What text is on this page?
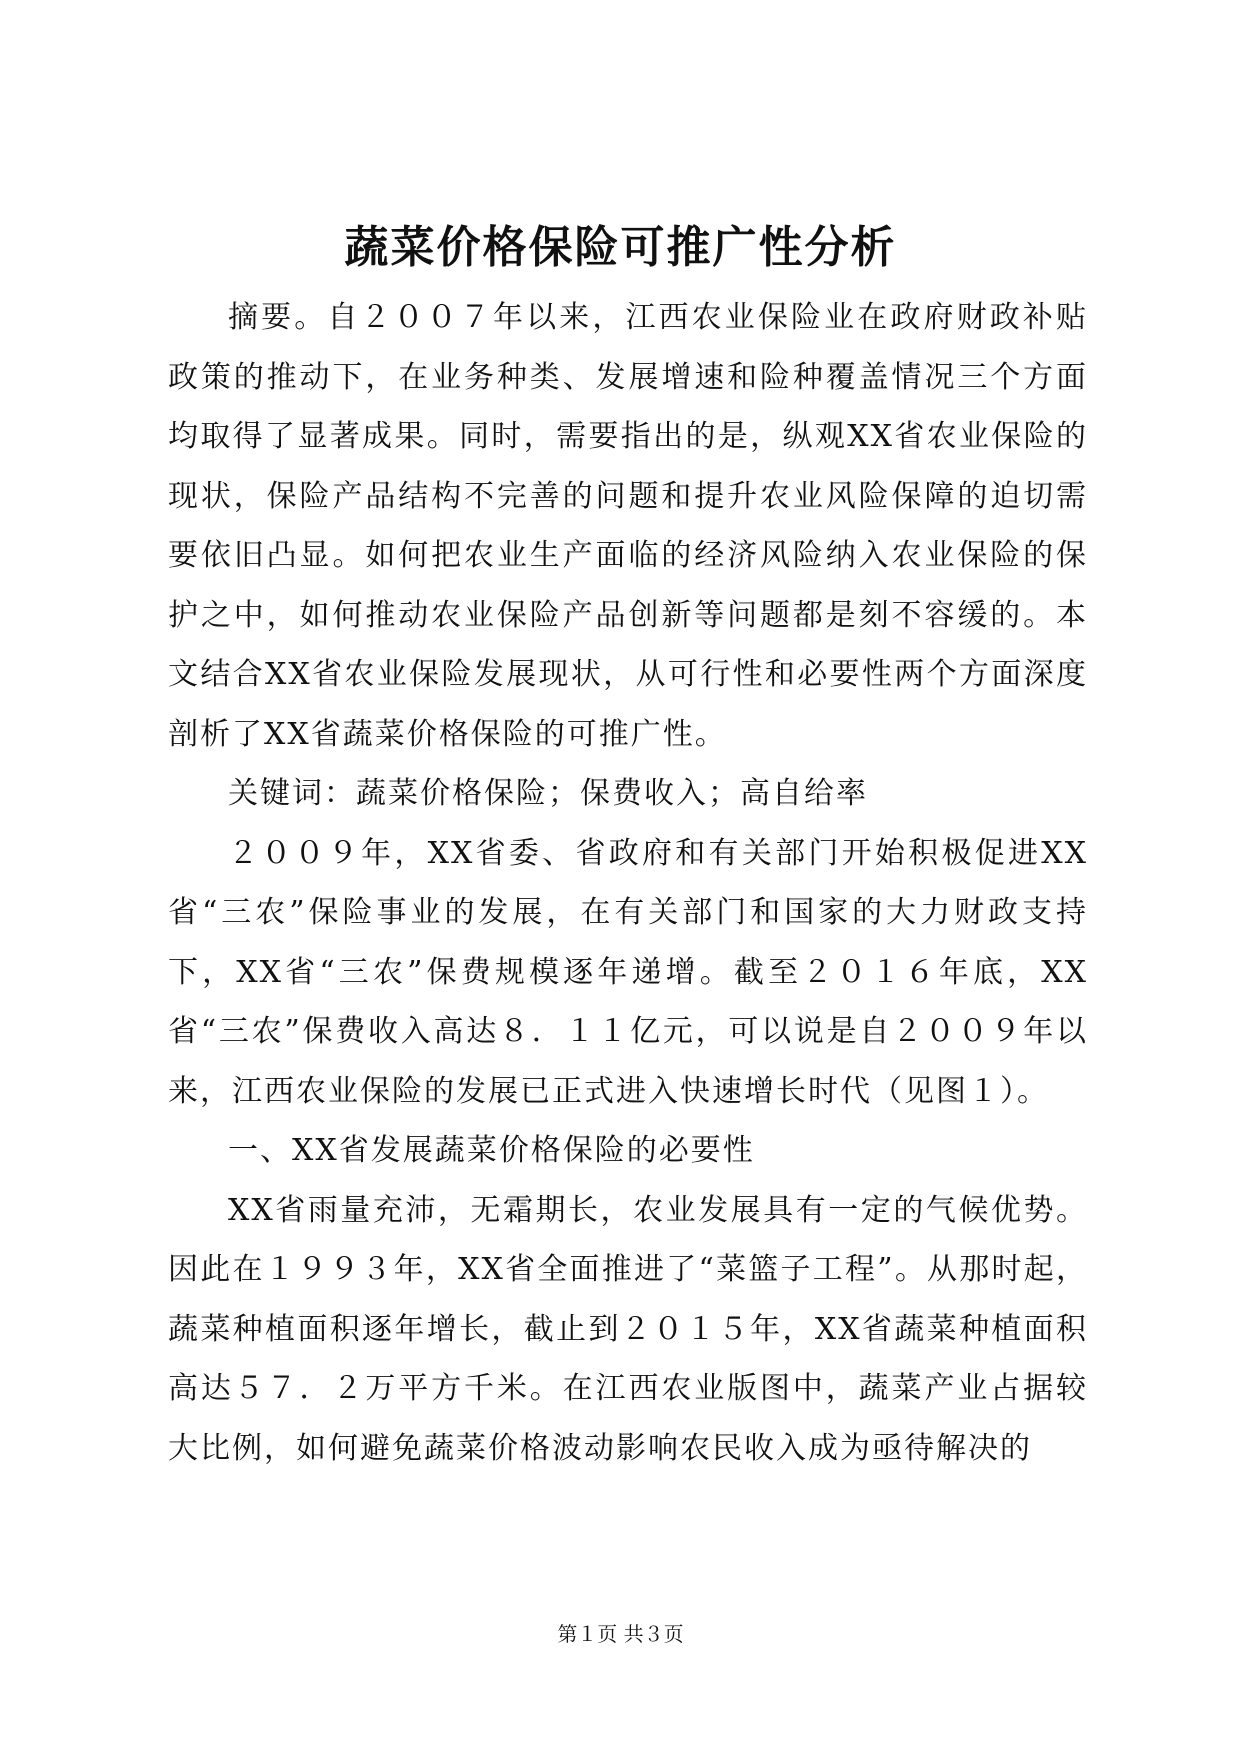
蔬菜价格保险可推广性分析

摘要。自２００７年以来，江西农业保险业在政府财政补贴政策的推动下，在业务种类、发展增速和险种覆盖情况三个方面均取得了显著成果。同时，需要指出的是，纵观XX省农业保险的现状，保险产品结构不完善的问题和提升农业风险保障的迫切需要依旧凸显。如何把农业生产面临的经济风险纳入农业保险的保护之中，如何推动农业保险产品创新等问题都是刻不容缓的。本文结合XX省农业保险发展现状，从可行性和必要性两个方面深度剖析了XX省蔬菜价格保险的可推广性。

关键词：蔬菜价格保险；保费收入；高自给率

２００９年，XX省委、省政府和有关部门开始积极促进XX省“三农”保险事业的发展，在有关部门和国家的大力财政支持下，XX省“三农”保费规模逐年递增。截至２０１６年底，XX省“三农”保费收入高达８．１１亿元，可以说是自２００９年以来，江西农业保险的发展已正式进入快速增长时代（见图１）。

一、XX省发展蔬菜价格保险的必要性

XX省雨量充沛，无霜期长，农业发展具有一定的气候优势。因此在１９９３年，XX省全面推进了“菜篮子工程”。从那时起，蔬菜种植面积逐年增长，截止到２０１５年，XX省蔬菜种植面积高达５７．２万平方千米。在江西农业版图中，蔬菜产业占据较大比例，如何避免蔬菜价格波动影响农民收入成为亟待解决的

第１页 共３页
